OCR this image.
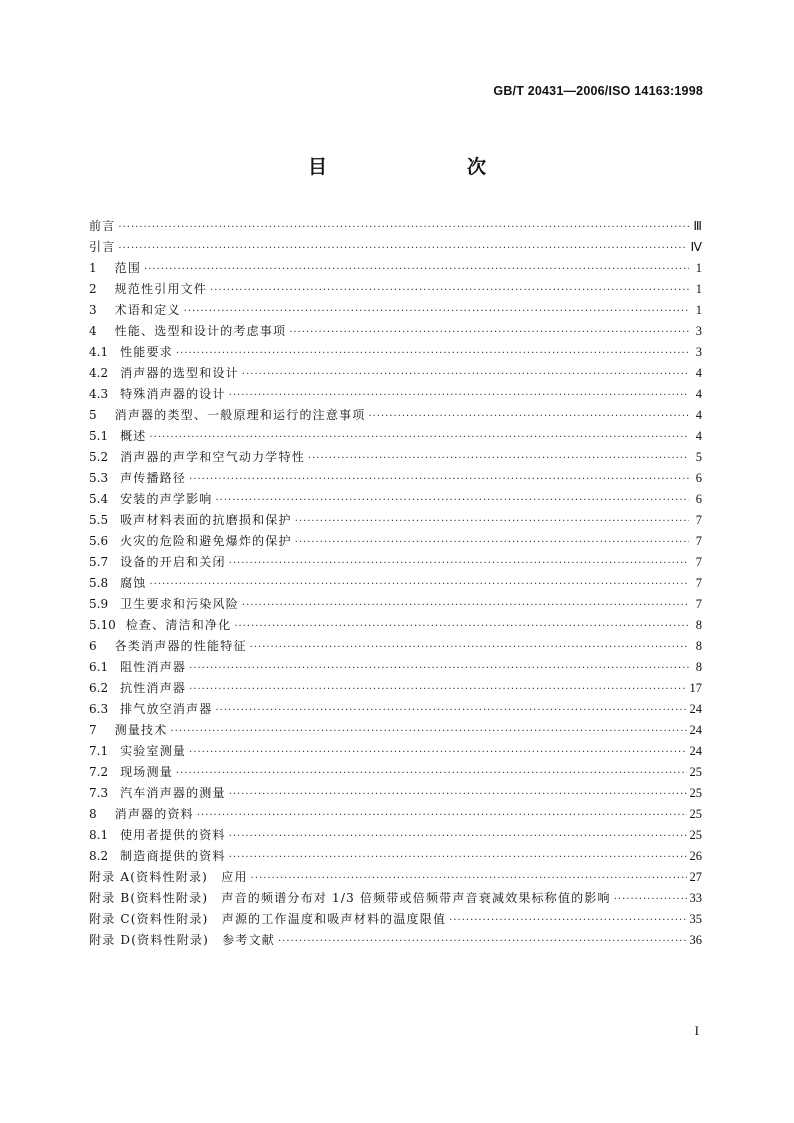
GB/T 20431—2006/ISO 14163:1998
目　　次
前言 ·····	Ⅲ
引言 ·····	Ⅳ
1 范围 ·····	1
2 规范性引用文件 ·····	1
3 术语和定义 ·····	1
4 性能、选型和设计的考虑事项 ·····	3
4.1 性能要求 ·····	3
4.2 消声器的选型和设计 ·····	4
4.3 特殊消声器的设计 ·····	4
5 消声器的类型、一般原理和运行的注意事项 ·····	4
5.1 概述 ·····	4
5.2 消声器的声学和空气动力学特性 ·····	5
5.3 声传播路径 ·····	6
5.4 安装的声学影响 ·····	6
5.5 吸声材料表面的抗磨损和保护 ·····	7
5.6 火灾的危险和避免爆炸的保护 ·····	7
5.7 设备的开启和关闭 ·····	7
5.8 腐蚀 ·····	7
5.9 卫生要求和污染风险 ·····	7
5.10 检查、清洁和净化 ·····	8
6 各类消声器的性能特征 ·····	8
6.1 阻性消声器 ·····	8
6.2 抗性消声器 ·····	17
6.3 排气放空消声器 ·····	24
7 测量技术 ·····	24
7.1 实验室测量 ·····	24
7.2 现场测量 ·····	25
7.3 汽车消声器的测量 ·····	25
8 消声器的资料 ·····	25
8.1 使用者提供的资料 ·····	25
8.2 制造商提供的资料 ·····	26
附录 A(资料性附录)　应用 ·····	27
附录 B(资料性附录)　声音的频谱分布对 1/3 倍频带或倍频带声音衰减效果标称值的影响 ·····	33
附录 C(资料性附录)　声源的工作温度和吸声材料的温度限值 ·····	35
附录 D(资料性附录)　参考文献 ·····	36
I
